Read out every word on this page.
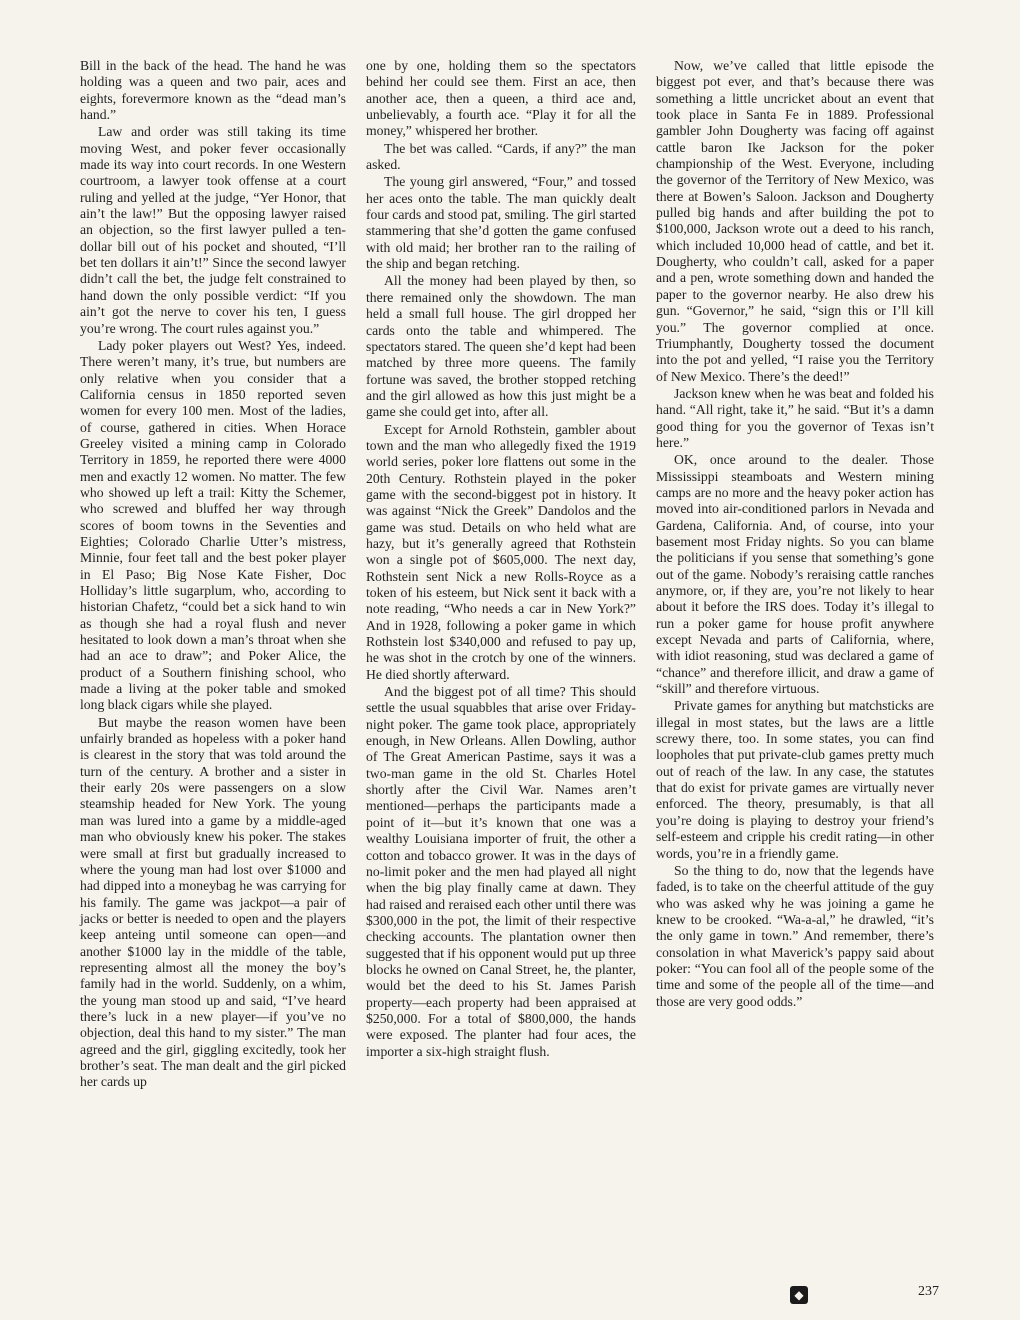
Bill in the back of the head. The hand he was holding was a queen and two pair, aces and eights, forevermore known as the “dead man’s hand.”

Law and order was still taking its time moving West, and poker fever occasionally made its way into court records. In one Western courtroom, a lawyer took offense at a court ruling and yelled at the judge, “Yer Honor, that ain’t the law!” But the opposing lawyer raised an objection, so the first lawyer pulled a ten-dollar bill out of his pocket and shouted, “I’ll bet ten dollars it ain’t!” Since the second lawyer didn’t call the bet, the judge felt constrained to hand down the only possible verdict: “If you ain’t got the nerve to cover his ten, I guess you’re wrong. The court rules against you.”

Lady poker players out West? Yes, indeed. There weren’t many, it’s true, but numbers are only relative when you consider that a California census in 1850 reported seven women for every 100 men. Most of the ladies, of course, gathered in cities. When Horace Greeley visited a mining camp in Colorado Territory in 1859, he reported there were 4000 men and exactly 12 women. No matter. The few who showed up left a trail: Kitty the Schemer, who screwed and bluffed her way through scores of boom towns in the Seventies and Eighties; Colorado Charlie Utter’s mistress, Minnie, four feet tall and the best poker player in El Paso; Big Nose Kate Fisher, Doc Holliday’s little sugarplum, who, according to historian Chafetz, “could bet a sick hand to win as though she had a royal flush and never hesitated to look down a man’s throat when she had an ace to draw”; and Poker Alice, the product of a Southern finishing school, who made a living at the poker table and smoked long black cigars while she played.

But maybe the reason women have been unfairly branded as hopeless with a poker hand is clearest in the story that was told around the turn of the century. A brother and a sister in their early 20s were passengers on a slow steamship headed for New York. The young man was lured into a game by a middle-aged man who obviously knew his poker. The stakes were small at first but gradually increased to where the young man had lost over $1000 and had dipped into a moneybag he was carrying for his family. The game was jackpot—a pair of jacks or better is needed to open and the players keep anteing until someone can open—and another $1000 lay in the middle of the table, representing almost all the money the boy’s family had in the world. Suddenly, on a whim, the young man stood up and said, “I’ve heard there’s luck in a new player—if you’ve no objection, deal this hand to my sister.” The man agreed and the girl, giggling excitedly, took her brother’s seat. The man dealt and the girl picked her cards up

one by one, holding them so the spectators behind her could see them. First an ace, then another ace, then a queen, a third ace and, unbelievably, a fourth ace. “Play it for all the money,” whispered her brother.

The bet was called. “Cards, if any?” the man asked.

The young girl answered, “Four,” and tossed her aces onto the table. The man quickly dealt four cards and stood pat, smiling. The girl started stammering that she’d gotten the game confused with old maid; her brother ran to the railing of the ship and began retching.

All the money had been played by then, so there remained only the showdown. The man held a small full house. The girl dropped her cards onto the table and whimpered. The spectators stared. The queen she’d kept had been matched by three more queens. The family fortune was saved, the brother stopped retching and the girl allowed as how this just might be a game she could get into, after all.

Except for Arnold Rothstein, gambler about town and the man who allegedly fixed the 1919 world series, poker lore flattens out some in the 20th Century. Rothstein played in the poker game with the second-biggest pot in history. It was against “Nick the Greek” Dandolos and the game was stud. Details on who held what are hazy, but it’s generally agreed that Rothstein won a single pot of $605,000. The next day, Rothstein sent Nick a new Rolls-Royce as a token of his esteem, but Nick sent it back with a note reading, “Who needs a car in New York?” And in 1928, following a poker game in which Rothstein lost $340,000 and refused to pay up, he was shot in the crotch by one of the winners. He died shortly afterward.

And the biggest pot of all time? This should settle the usual squabbles that arise over Friday-night poker. The game took place, appropriately enough, in New Orleans. Allen Dowling, author of The Great American Pastime, says it was a two-man game in the old St. Charles Hotel shortly after the Civil War. Names aren’t mentioned—perhaps the participants made a point of it—but it’s known that one was a wealthy Louisiana importer of fruit, the other a cotton and tobacco grower. It was in the days of no-limit poker and the men had played all night when the big play finally came at dawn. They had raised and reraised each other until there was $300,000 in the pot, the limit of their respective checking accounts. The plantation owner then suggested that if his opponent would put up three blocks he owned on Canal Street, he, the planter, would bet the deed to his St. James Parish property—each property had been appraised at $250,000. For a total of $800,000, the hands were exposed. The planter had four aces, the importer a six-high straight flush.

Now, we’ve called that little episode the biggest pot ever, and that’s because there was something a little uncricket about an event that took place in Santa Fe in 1889. Professional gambler John Dougherty was facing off against cattle baron Ike Jackson for the poker championship of the West. Everyone, including the governor of the Territory of New Mexico, was there at Bowen’s Saloon. Jackson and Dougherty pulled big hands and after building the pot to $100,000, Jackson wrote out a deed to his ranch, which included 10,000 head of cattle, and bet it. Dougherty, who couldn’t call, asked for a paper and a pen, wrote something down and handed the paper to the governor nearby. He also drew his gun. “Governor,” he said, “sign this or I’ll kill you.” The governor complied at once. Triumphantly, Dougherty tossed the document into the pot and yelled, “I raise you the Territory of New Mexico. There’s the deed!”

Jackson knew when he was beat and folded his hand. “All right, take it,” he said. “But it’s a damn good thing for you the governor of Texas isn’t here.”

OK, once around to the dealer. Those Mississippi steamboats and Western mining camps are no more and the heavy poker action has moved into air-conditioned parlors in Nevada and Gardena, California. And, of course, into your basement most Friday nights. So you can blame the politicians if you sense that something’s gone out of the game. Nobody’s reraising cattle ranches anymore, or, if they are, you’re not likely to hear about it before the IRS does. Today it’s illegal to run a poker game for house profit anywhere except Nevada and parts of California, where, with idiot reasoning, stud was declared a game of “chance” and therefore illicit, and draw a game of “skill” and therefore virtuous.

Private games for anything but matchsticks are illegal in most states, but the laws are a little screwy there, too. In some states, you can find loopholes that put private-club games pretty much out of reach of the law. In any case, the statutes that do exist for private games are virtually never enforced. The theory, presumably, is that all you’re doing is playing to destroy your friend’s self-esteem and cripple his credit rating—in other words, you’re in a friendly game.

So the thing to do, now that the legends have faded, is to take on the cheerful attitude of the guy who was asked why he was joining a game he knew to be crooked. “Wa-a-al,” he drawled, “it’s the only game in town.” And remember, there’s consolation in what Maverick’s pappy said about poker: “You can fool all of the people some of the time and some of the people all of the time—and those are very good odds.”

◆	237
